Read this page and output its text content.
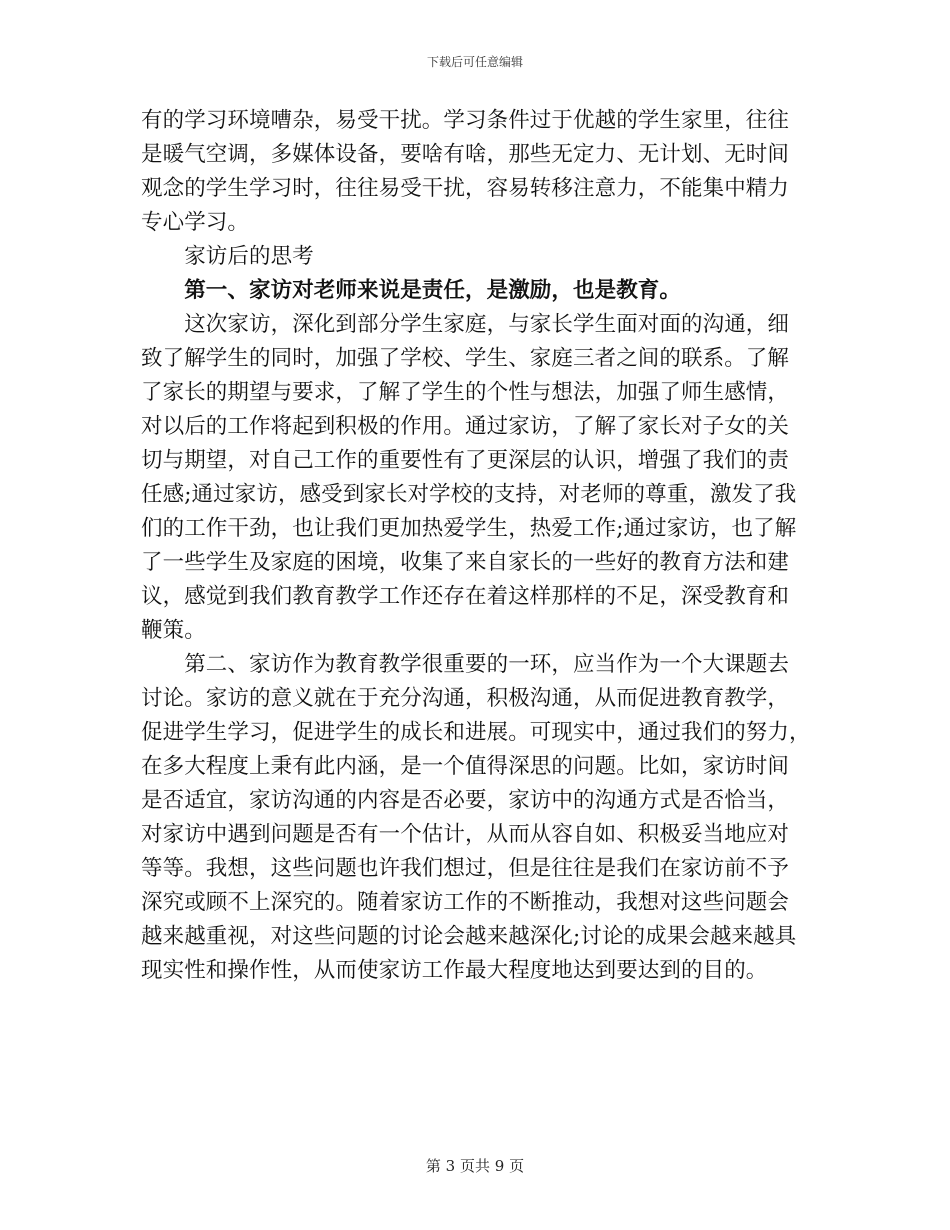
下载后可任意编辑

有的学习环境嘈杂，易受干扰。学习条件过于优越的学生家里，往往
是暖气空调，多媒体设备，要啥有啥，那些无定力、无计划、无时间
观念的学生学习时，往往易受干扰，容易转移注意力，不能集中精力
专心学习。

　　家访后的思考

　　第一、家访对老师来说是责任，是激励，也是教育。

　　这次家访，深化到部分学生家庭，与家长学生面对面的沟通，细
致了解学生的同时，加强了学校、学生、家庭三者之间的联系。了解
了家长的期望与要求，了解了学生的个性与想法，加强了师生感情，
对以后的工作将起到积极的作用。通过家访，了解了家长对子女的关
切与期望，对自己工作的重要性有了更深层的认识，增强了我们的责
任感;通过家访，感受到家长对学校的支持，对老师的尊重，激发了我
们的工作干劲，也让我们更加热爱学生，热爱工作;通过家访，也了解
了一些学生及家庭的困境，收集了来自家长的一些好的教育方法和建
议，感觉到我们教育教学工作还存在着这样那样的不足，深受教育和
鞭策。

　　第二、家访作为教育教学很重要的一环，应当作为一个大课题去
讨论。家访的意义就在于充分沟通，积极沟通，从而促进教育教学，
促进学生学习，促进学生的成长和进展。可现实中，通过我们的努力，
在多大程度上秉有此内涵，是一个值得深思的问题。比如，家访时间
是否适宜，家访沟通的内容是否必要，家访中的沟通方式是否恰当，
对家访中遇到问题是否有一个估计，从而从容自如、积极妥当地应对
等等。我想，这些问题也许我们想过，但是往往是我们在家访前不予
深究或顾不上深究的。随着家访工作的不断推动，我想对这些问题会
越来越重视，对这些问题的讨论会越来越深化;讨论的成果会越来越具
现实性和操作性，从而使家访工作最大程度地达到要达到的目的。

第 3 页共 9 页
